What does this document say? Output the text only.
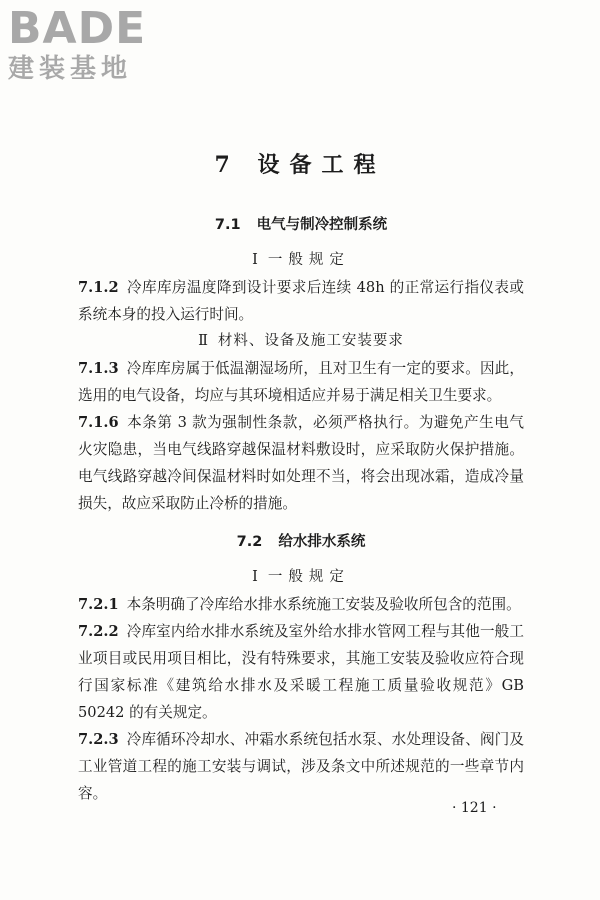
BADE
建装基地
7 设备工程
7.1 电气与制冷控制系统
Ⅰ 一般规定

7.1.2 冷库库房温度降到设计要求后连续 48h 的正常运行指仪表或系统本身的投入运行时间。

Ⅱ 材料、设备及施工安装要求

7.1.3 冷库库房属于低温潮湿场所，且对卫生有一定的要求。因此，选用的电气设备，均应与其环境相适应并易于满足相关卫生要求。

7.1.6 本条第 3 款为强制性条款，必须严格执行。为避免产生电气火灾隐患，当电气线路穿越保温材料敷设时，应采取防火保护措施。电气线路穿越冷间保温材料时如处理不当，将会出现冰霜，造成冷量损失，故应采取防止冷桥的措施。

7.2 给水排水系统
Ⅰ 一般规定

7.2.1 本条明确了冷库给水排水系统施工安装及验收所包含的范围。

7.2.2 冷库室内给水排水系统及室外给水排水管网工程与其他一般工业项目或民用项目相比，没有特殊要求，其施工安装及验收应符合现行国家标准《建筑给水排水及采暖工程施工质量验收规范》GB 50242 的有关规定。

7.2.3 冷库循环冷却水、冲霜水系统包括水泵、水处理设备、阀门及工业管道工程的施工安装与调试，涉及条文中所述规范的一些章节内容。

· 121 ·
